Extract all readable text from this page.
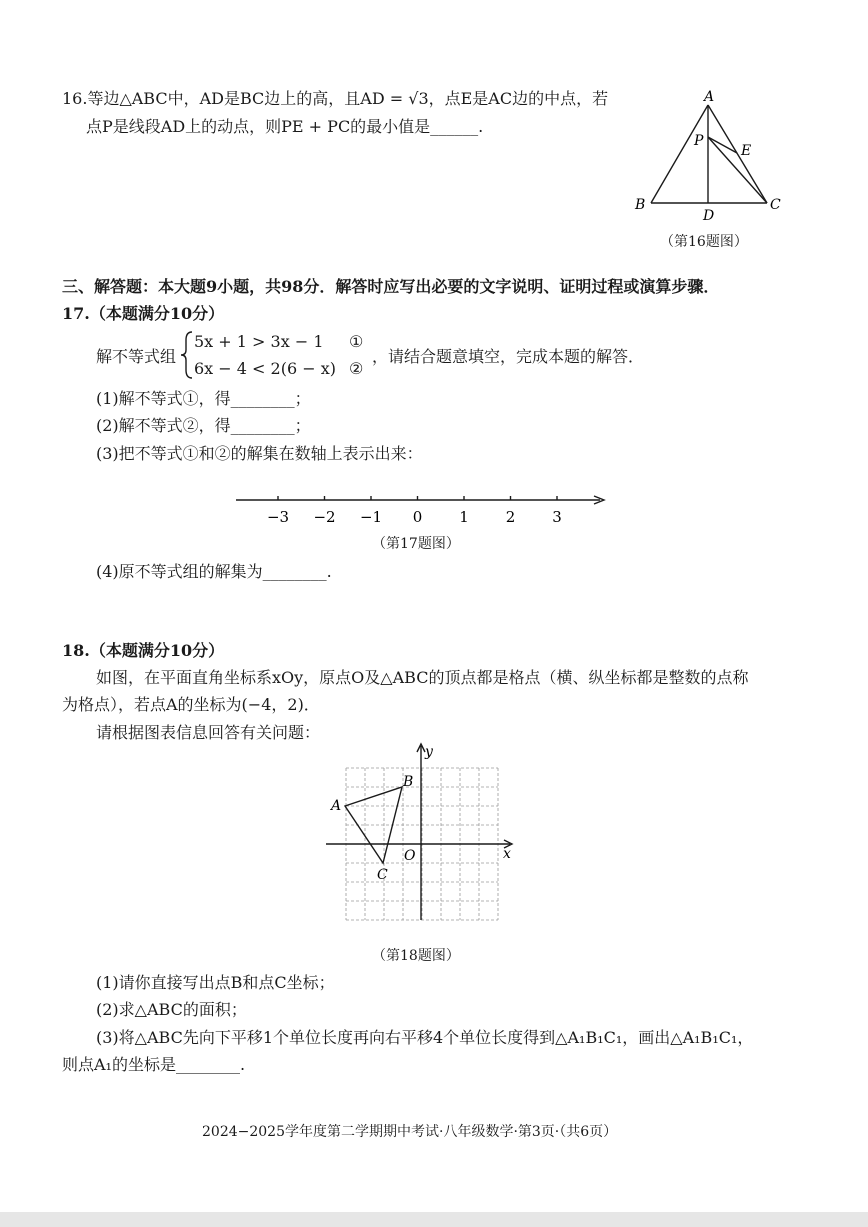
16.等边△ABC中，AD是BC边上的高，且AD = √3，点E是AC边的中点，若
点P是线段AD上的动点，则PE + PC的最小值是______.
A
B	C
D
E
P
（第16题图）
三、解答题：本大题9小题，共98分．解答时应写出必要的文字说明、证明过程或演算步骤．
17.（本题满分10分）
解不等式组
5x + 1 > 3x − 1
6x − 4 < 2(6 − x)
①
②
，请结合题意填空，完成本题的解答．
(1)解不等式①，得________；
(2)解不等式②，得________；
(3)把不等式①和②的解集在数轴上表示出来：
−3 −2 −1 0 1 2 3
（第17题图）
(4)原不等式组的解集为________.
18.（本题满分10分）
如图，在平面直角坐标系xOy，原点O及△ABC的顶点都是格点（横、纵坐标都是整数的点称
为格点），若点A的坐标为(−4，2)．
请根据图表信息回答有关问题：
A
B
C
O	x
y
（第18题图）
(1)请你直接写出点B和点C坐标；
(2)求△ABC的面积；
(3)将△ABC先向下平移1个单位长度再向右平移4个单位长度得到△A₁B₁C₁，画出△A₁B₁C₁，
则点A₁的坐标是________.
2024−2025学年度第二学期期中考试·八年级数学·第3页·（共6页）
